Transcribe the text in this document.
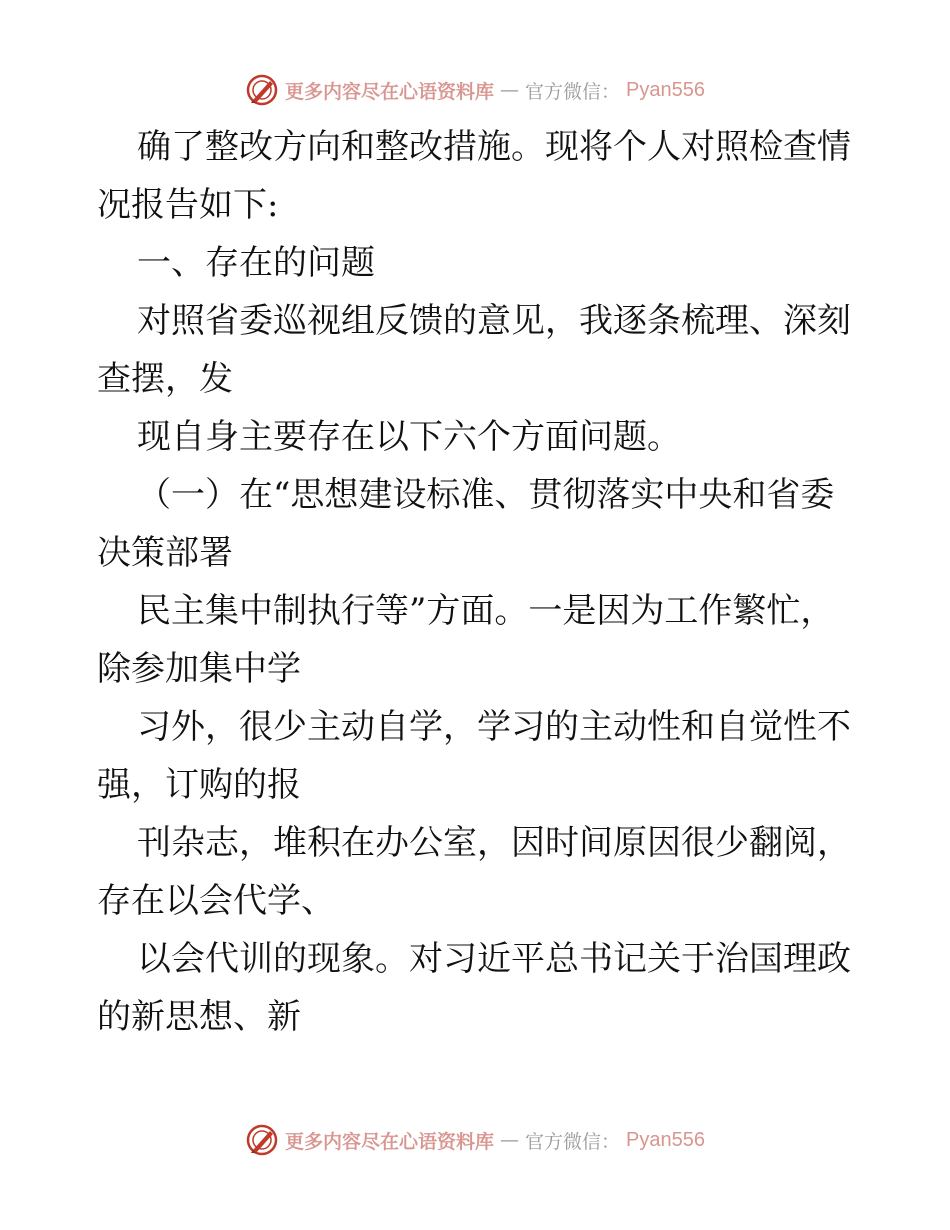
更多内容尽在心语资料库 — 官方微信： Pyan556
确了整改方向和整改措施。现将个人对照检查情
况报告如下:
一、存在的问题
对照省委巡视组反馈的意见，我逐条梳理、深刻
查摆，发
现自身主要存在以下六个方面问题。
（一）在“思想建设标准、贯彻落实中央和省委
决策部署
民主集中制执行等”方面。一是因为工作繁忙，
除参加集中学
习外，很少主动自学，学习的主动性和自觉性不
强，订购的报
刊杂志，堆积在办公室，因时间原因很少翻阅，
存在以会代学、
以会代训的现象。对习近平总书记关于治国理政
的新思想、新
更多内容尽在心语资料库 — 官方微信： Pyan556
